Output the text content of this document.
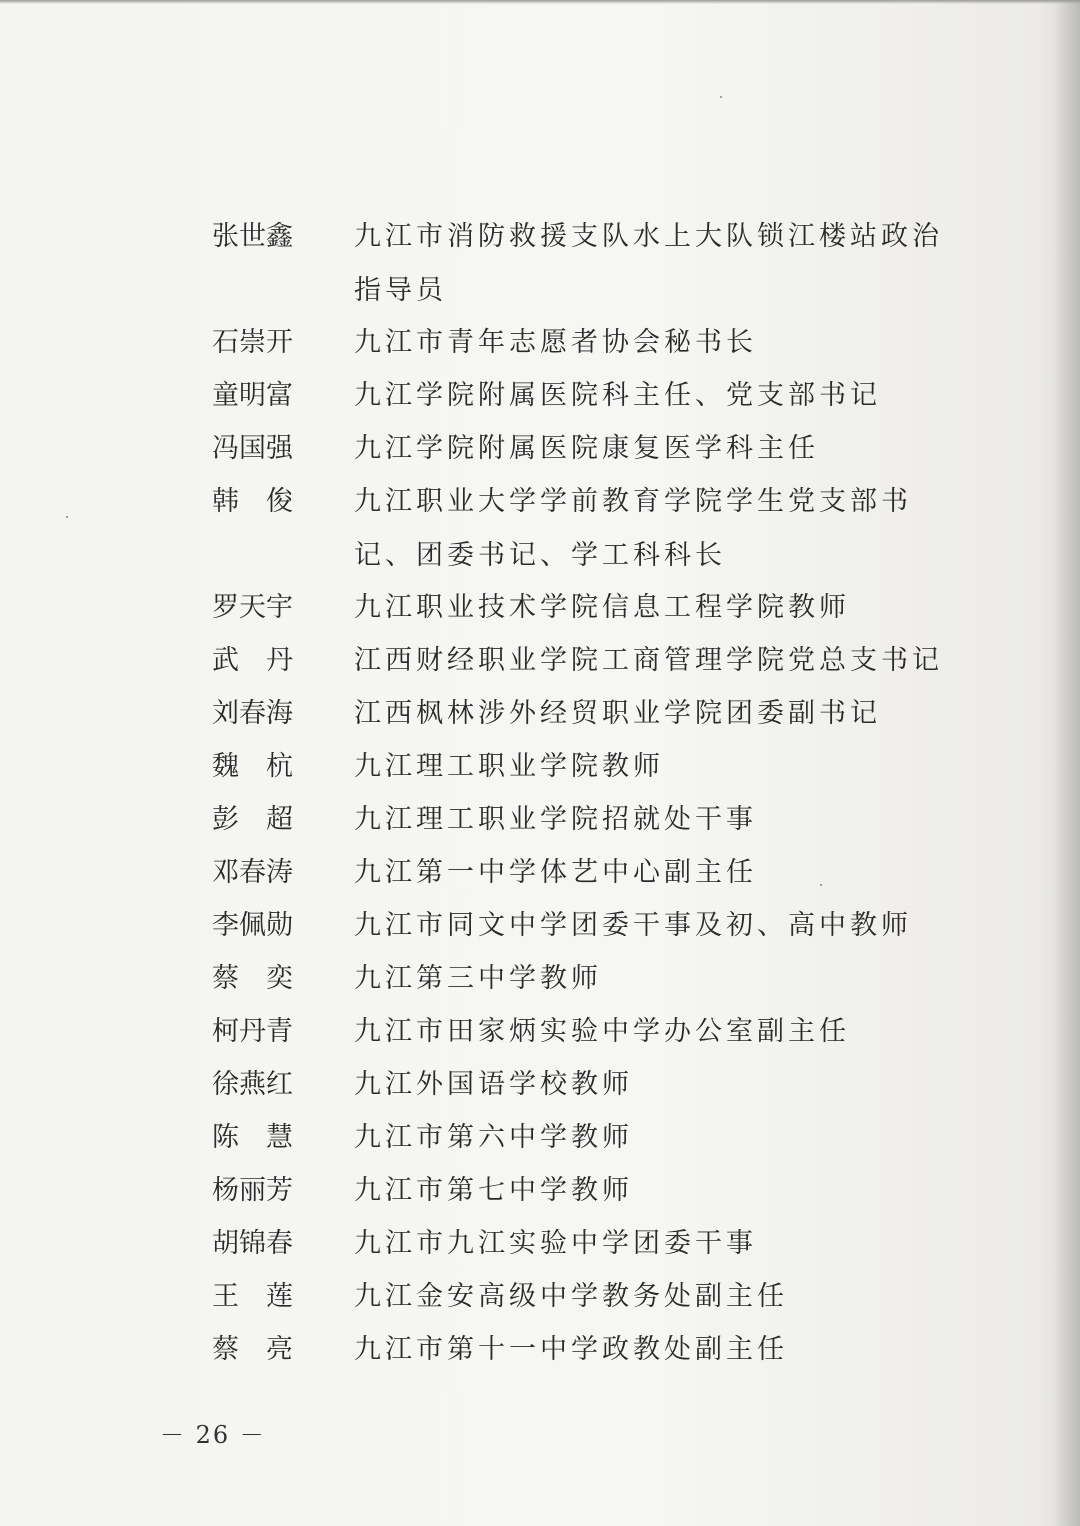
张世鑫	九江市消防救援支队水上大队锁江楼站政治指导员
石崇开	九江市青年志愿者协会秘书长
童明富	九江学院附属医院科主任、党支部书记
冯国强	九江学院附属医院康复医学科主任
韩　俊	九江职业大学学前教育学院学生党支部书记、团委书记、学工科科长
罗天宇	九江职业技术学院信息工程学院教师
武　丹	江西财经职业学院工商管理学院党总支书记
刘春海	江西枫林涉外经贸职业学院团委副书记
魏　杭	九江理工职业学院教师
彭　超	九江理工职业学院招就处干事
邓春涛	九江第一中学体艺中心副主任
李佩勋	九江市同文中学团委干事及初、高中教师
蔡　奕	九江第三中学教师
柯丹青	九江市田家炳实验中学办公室副主任
徐燕红	九江外国语学校教师
陈　慧	九江市第六中学教师
杨丽芳	九江市第七中学教师
胡锦春	九江市九江实验中学团委干事
王　莲	九江金安高级中学教务处副主任
蔡　亮	九江市第十一中学政教处副主任
－ 26 －
